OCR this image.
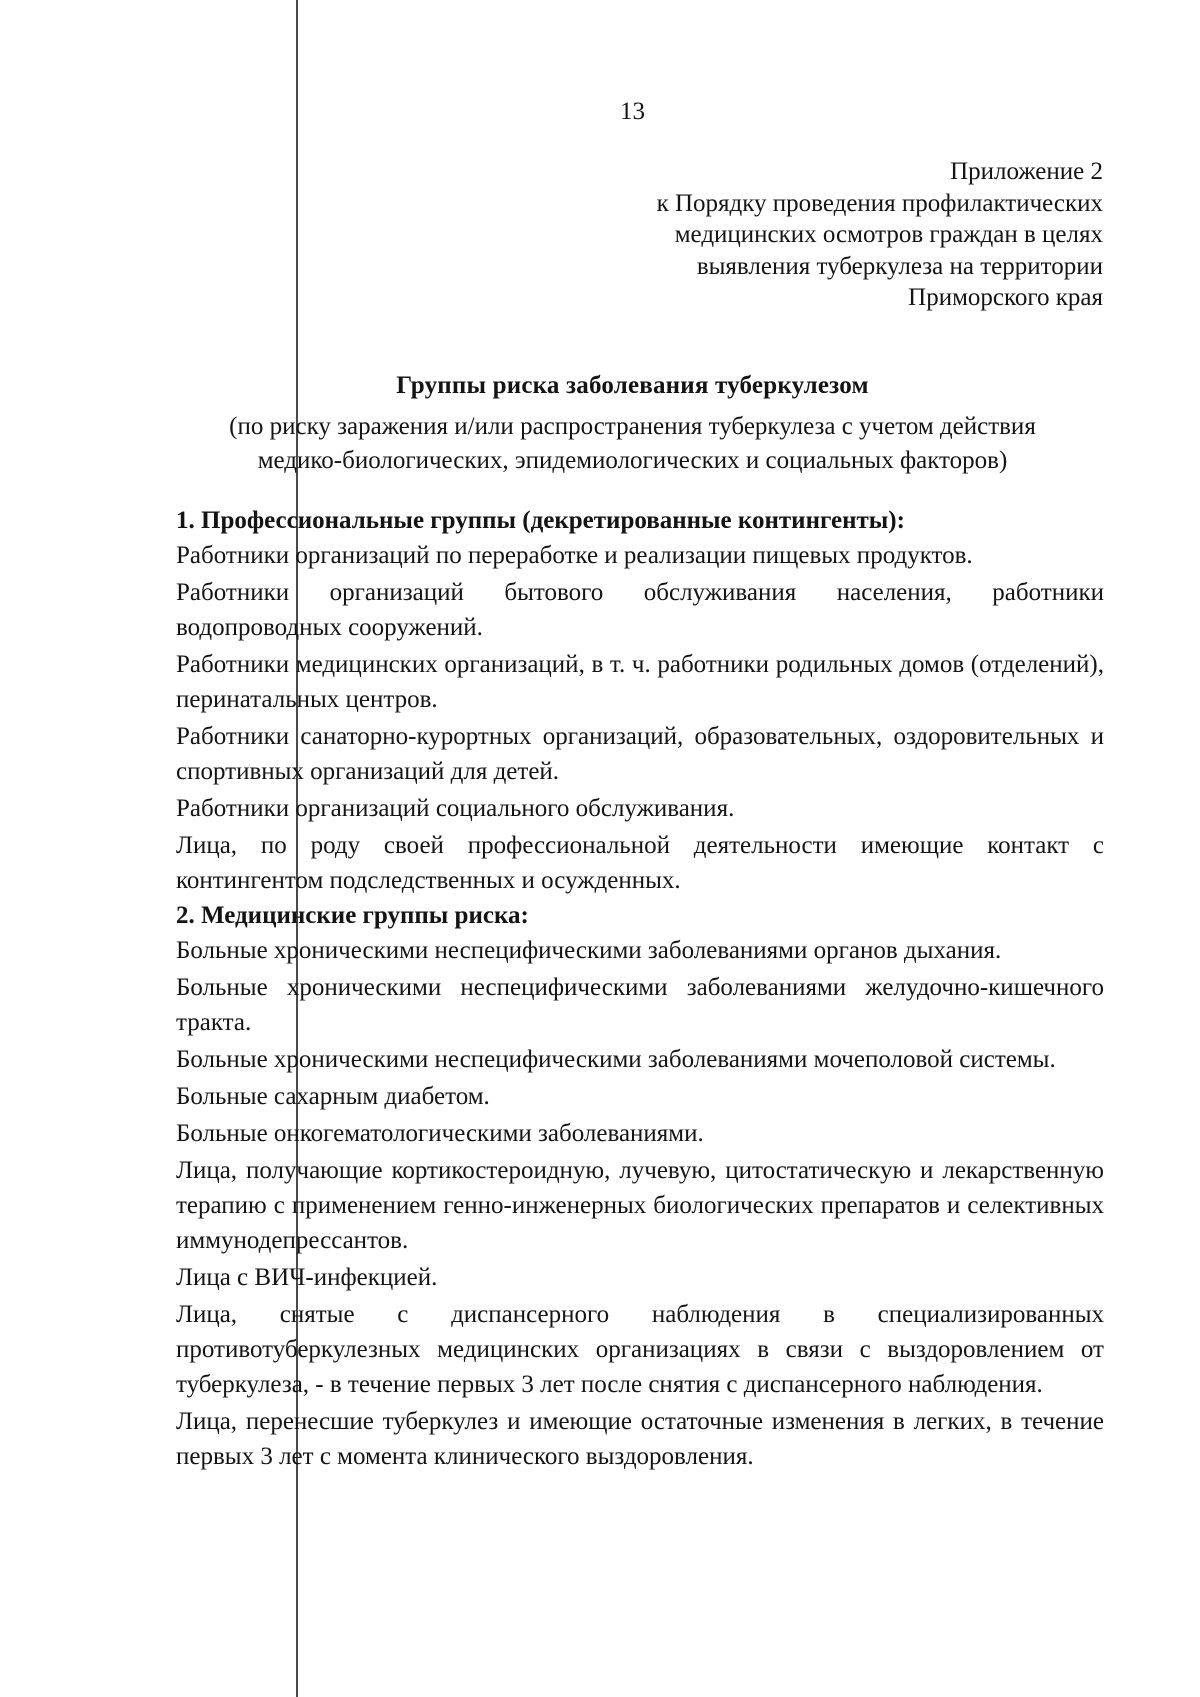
13
Приложение 2
к Порядку проведения профилактических
медицинских осмотров граждан в целях
выявления туберкулеза на территории
Приморского края
Группы риска заболевания туберкулезом
(по риску заражения и/или распространения туберкулеза с учетом действия
медико-биологических, эпидемиологических и социальных факторов)
1. Профессиональные группы (декретированные контингенты):
Работники организаций по переработке и реализации пищевых продуктов.
Работники организаций бытового обслуживания населения, работники водопроводных сооружений.
Работники медицинских организаций, в т. ч. работники родильных домов (отделений), перинатальных центров.
Работники санаторно-курортных организаций, образовательных, оздоровительных и спортивных организаций для детей.
Работники организаций социального обслуживания.
Лица, по роду своей профессиональной деятельности имеющие контакт с контингентом подследственных и осужденных.
2. Медицинские группы риска:
Больные хроническими неспецифическими заболеваниями органов дыхания.
Больные хроническими неспецифическими заболеваниями желудочно-кишечного тракта.
Больные хроническими неспецифическими заболеваниями мочеполовой системы.
Больные сахарным диабетом.
Больные онкогематологическими заболеваниями.
Лица, получающие кортикостероидную, лучевую, цитостатическую и лекарственную терапию с применением генно-инженерных биологических препаратов и селективных иммунодепрессантов.
Лица с ВИЧ-инфекцией.
Лица, снятые с диспансерного наблюдения в специализированных противотуберкулезных медицинских организациях в связи с выздоровлением от туберкулеза, - в течение первых 3 лет после снятия с диспансерного наблюдения.
Лица, перенесшие туберкулез и имеющие остаточные изменения в легких, в течение первых 3 лет с момента клинического выздоровления.
